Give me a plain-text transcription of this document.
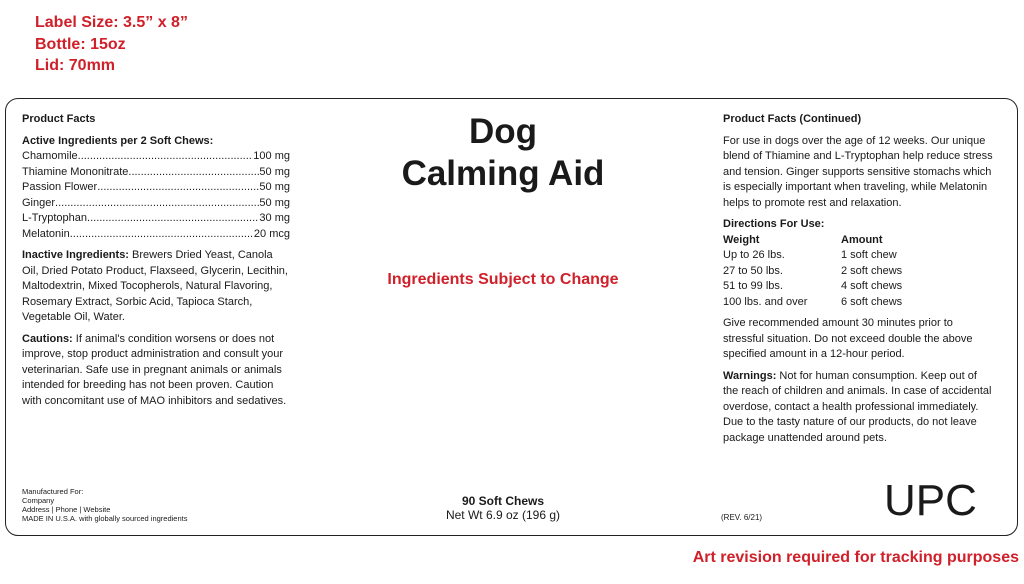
Label Size: 3.5” x 8”
Bottle: 15oz
Lid: 70mm
Product Facts
Active Ingredients per 2 Soft Chews:
Chamomile .....	100 mg
Thiamine Mononitrate .....	50 mg
Passion Flower .....	50 mg
Ginger .....	50 mg
L-Tryptophan .....	30 mg
Melatonin .....	20 mcg
Inactive Ingredients: Brewers Dried Yeast, Canola Oil, Dried Potato Product, Flaxseed, Glycerin, Lecithin, Maltodextrin, Mixed Tocopherols, Natural Flavoring, Rosemary Extract, Sorbic Acid, Tapioca Starch, Vegetable Oil, Water.
Cautions: If animal's condition worsens or does not improve, stop product administration and consult your veterinarian. Safe use in pregnant animals or animals intended for breeding has not been proven. Caution with concomitant use of MAO inhibitors and sedatives.
Dog
Calming Aid
Ingredients Subject to Change
90 Soft Chews
Net Wt 6.9 oz (196 g)
Manufactured For:
Company
Address | Phone | Website
MADE IN U.S.A. with globally sourced ingredients
Product Facts (Continued)
For use in dogs over the age of 12 weeks. Our unique blend of Thiamine and L-Tryptophan help reduce stress and tension. Ginger supports sensitive stomachs which is especially important when traveling, while Melatonin helps to promote rest and relaxation.
Directions For Use:
Weight	Amount
Up to 26 lbs.	1 soft chew
27 to 50 lbs.	2 soft chews
51 to 99 lbs.	4 soft chews
100 lbs. and over	6 soft chews
Give recommended amount 30 minutes prior to stressful situation. Do not exceed double the above specified amount in a 12-hour period.
Warnings: Not for human consumption. Keep out of the reach of children and animals. In case of accidental overdose, contact a health professional immediately. Due to the tasty nature of our products, do not leave package unattended around pets.
(REV. 6/21)	UPC
Art revision required for tracking purposes
